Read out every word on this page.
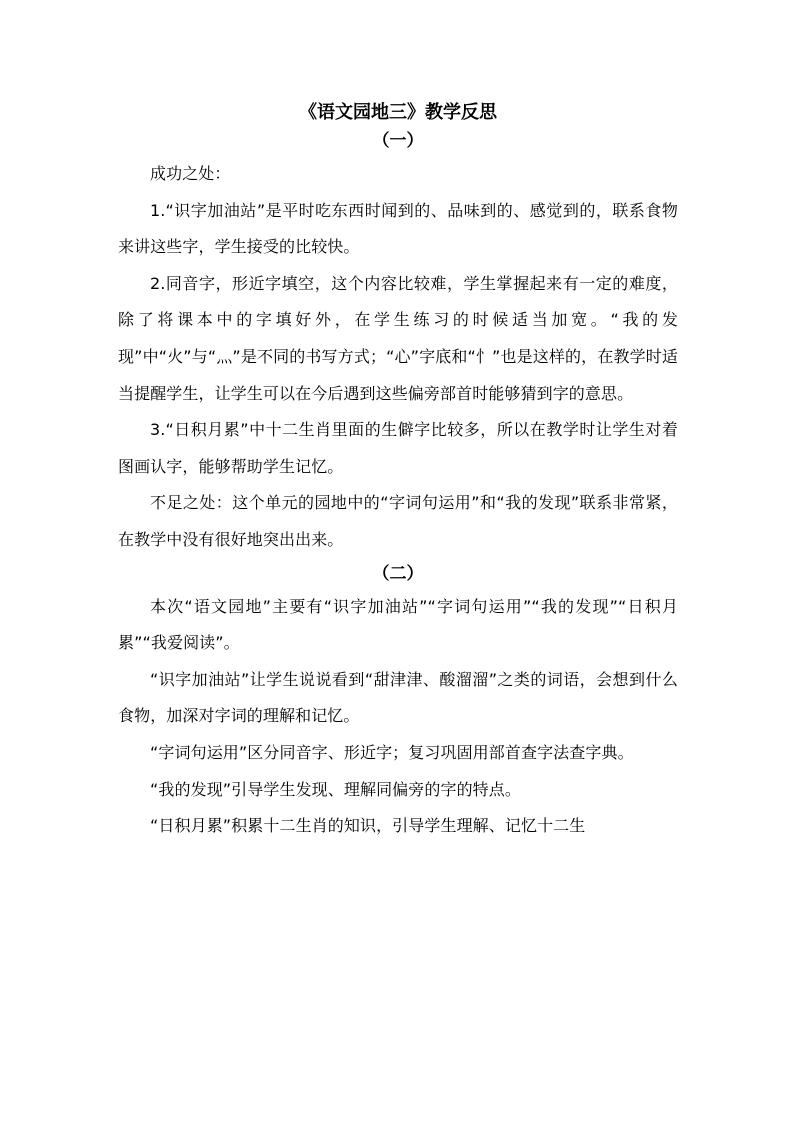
《语文园地三》教学反思
（一）

成功之处：

1.“识字加油站”是平时吃东西时闻到的、品味到的、感觉到的，联系食物来讲这些字，学生接受的比较快。

2.同音字，形近字填空，这个内容比较难，学生掌握起来有一定的难度，除了将课本中的字填好外，在学生练习的时候适当加宽。“我的发现”中“火”与“灬”是不同的书写方式；“心”字底和“忄”也是这样的，在教学时适当提醒学生，让学生可以在今后遇到这些偏旁部首时能够猜到字的意思。

3.“日积月累”中十二生肖里面的生僻字比较多，所以在教学时让学生对着图画认字，能够帮助学生记忆。

不足之处：这个单元的园地中的“字词句运用”和“我的发现”联系非常紧，在教学中没有很好地突出出来。

（二）

本次“语文园地”主要有“识字加油站”“字词句运用”“我的发现”“日积月累”“我爱阅读”。

“识字加油站”让学生说说看到“甜津津、酸溜溜”之类的词语，会想到什么食物，加深对字词的理解和记忆。

“字词句运用”区分同音字、形近字；复习巩固用部首查字法查字典。

“我的发现”引导学生发现、理解同偏旁的字的特点。

“日积月累”积累十二生肖的知识，引导学生理解、记忆十二生
